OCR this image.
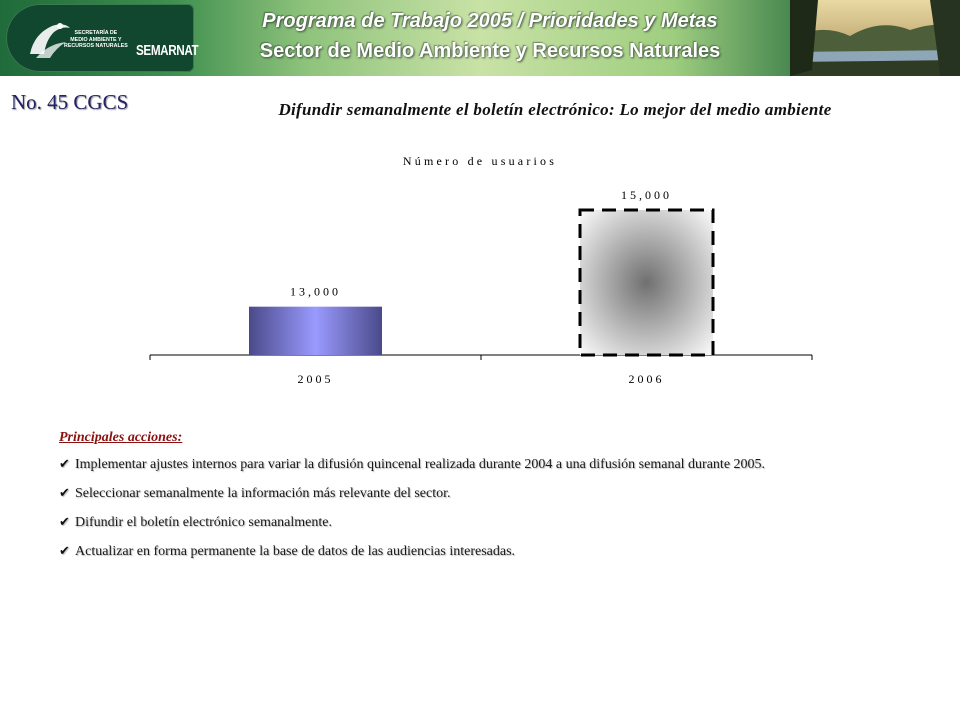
SECRETARÍA DE
MEDIO AMBIENTE Y
RECURSOS NATURALES SEMARNAT
Programa de Trabajo 2005 / Prioridades y Metas
Sector de Medio Ambiente y Recursos Naturales
No. 45 CGCS	Difundir semanalmente el boletín electrónico: Lo mejor del medio ambiente
Número de usuarios
13,000
2005
15,000
2006
Principales acciones:
✔ Implementar ajustes internos para variar la difusión quincenal realizada durante 2004 a una difusión semanal durante 2005.
✔ Seleccionar semanalmente la información más relevante del sector.
✔ Difundir el boletín electrónico semanalmente.
✔ Actualizar en forma permanente la base de datos de las audiencias interesadas.
